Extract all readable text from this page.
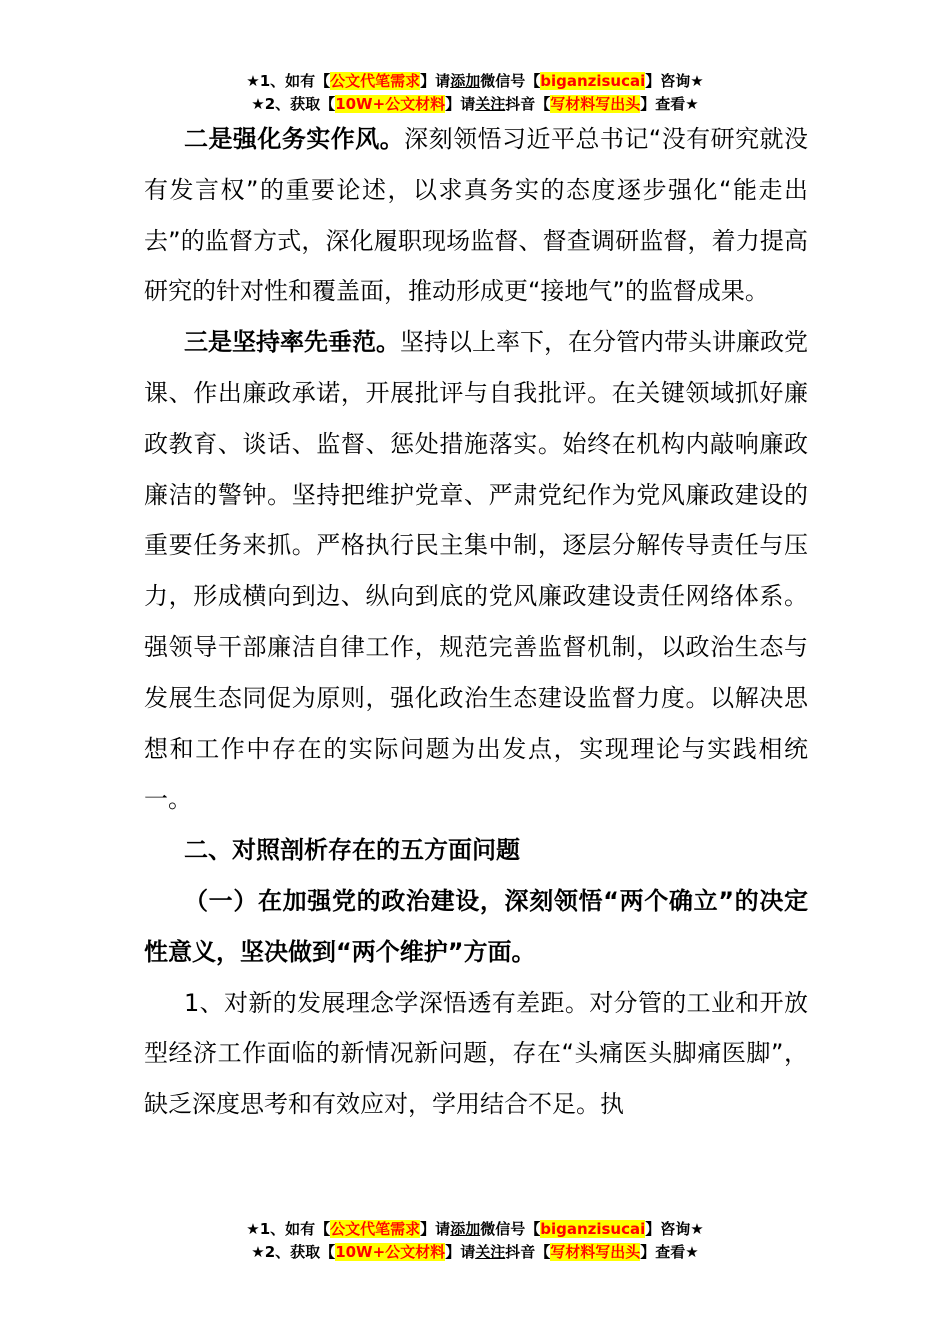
★1、如有【公文代笔需求】请添加微信号【biganzisucai】咨询★
★2、获取【10W+公文材料】请关注抖音【写材料写出头】查看★

二是强化务实作风。深刻领悟习近平总书记“没有研究就没有发言权”的重要论述，以求真务实的态度逐步强化“能走出去”的监督方式，深化履职现场监督、督查调研监督，着力提高研究的针对性和覆盖面，推动形成更“接地气”的监督成果。

三是坚持率先垂范。坚持以上率下，在分管内带头讲廉政党课、作出廉政承诺，开展批评与自我批评。在关键领域抓好廉政教育、谈话、监督、惩处措施落实。始终在机构内敲响廉政廉洁的警钟。坚持把维护党章、严肃党纪作为党风廉政建设的重要任务来抓。严格执行民主集中制，逐层分解传导责任与压力，形成横向到边、纵向到底的党风廉政建设责任网络体系。强领导干部廉洁自律工作，规范完善监督机制，以政治生态与发展生态同促为原则，强化政治生态建设监督力度。以解决思想和工作中存在的实际问题为出发点，实现理论与实践相统一。

二、对照剖析存在的五方面问题

（一）在加强党的政治建设，深刻领悟“两个确立”的决定性意义，坚决做到“两个维护”方面。

1、对新的发展理念学深悟透有差距。对分管的工业和开放型经济工作面临的新情况新问题，存在“头痛医头脚痛医脚”，缺乏深度思考和有效应对，学用结合不足。执

★1、如有【公文代笔需求】请添加微信号【biganzisucai】咨询★
★2、获取【10W+公文材料】请关注抖音【写材料写出头】查看★
